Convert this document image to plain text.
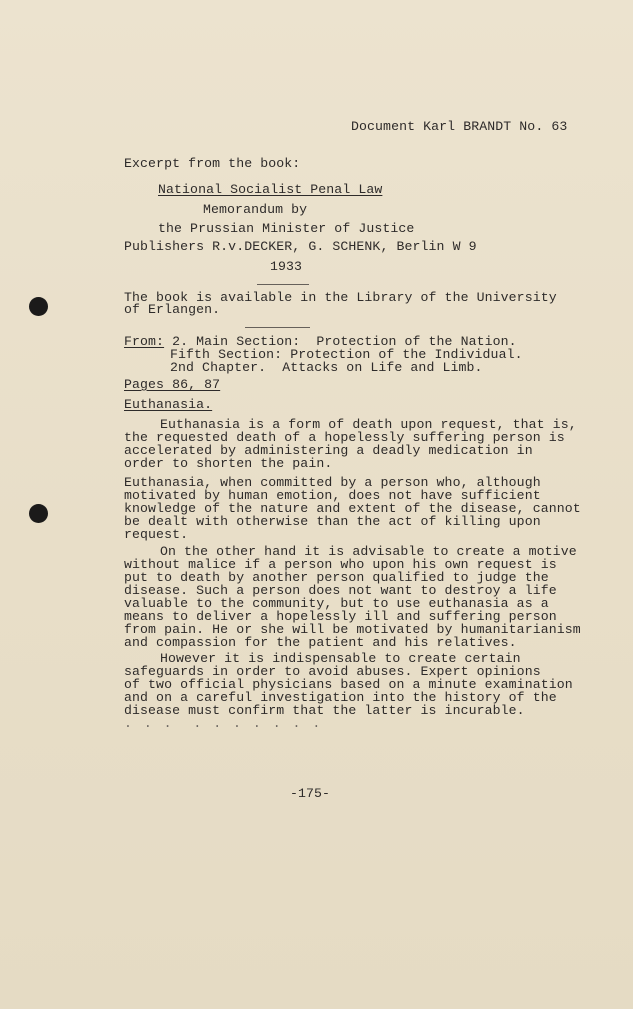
Document Karl BRANDT No. 63
Excerpt from the book:
National Socialist Penal Law
Memorandum by
the Prussian Minister of Justice
Publishers R.v.DECKER, G. SCHENK, Berlin W 9
1933
The book is available in the Library of the University
of Erlangen.
From: 2. Main Section:  Protection of the Nation.
Fifth Section: Protection of the Individual.
2nd Chapter.  Attacks on Life and Limb.
Pages 86, 87
Euthanasia.
Euthanasia is a form of death upon request, that is,
the requested death of a hopelessly suffering person is
accelerated by administering a deadly medication in
order to shorten the pain.
Euthanasia, when committed by a person who, although
motivated by human emotion, does not have sufficient
knowledge of the nature and extent of the disease, cannot
be dealt with otherwise than the act of killing upon
request.
On the other hand it is advisable to create a motive
without malice if a person who upon his own request is
put to death by another person qualified to judge the
disease. Such a person does not want to destroy a life
valuable to the community, but to use euthanasia as a
means to deliver a hopelessly ill and suffering person
from pain. He or she will be motivated by humanitarianism
and compassion for the patient and his relatives.
However it is indispensable to create certain
safeguards in order to avoid abuses. Expert opinions
of two official physicians based on a minute examination
and on a careful investigation into the history of the
disease must confirm that the latter is incurable.
. . .  . . . . . . .
-175-
